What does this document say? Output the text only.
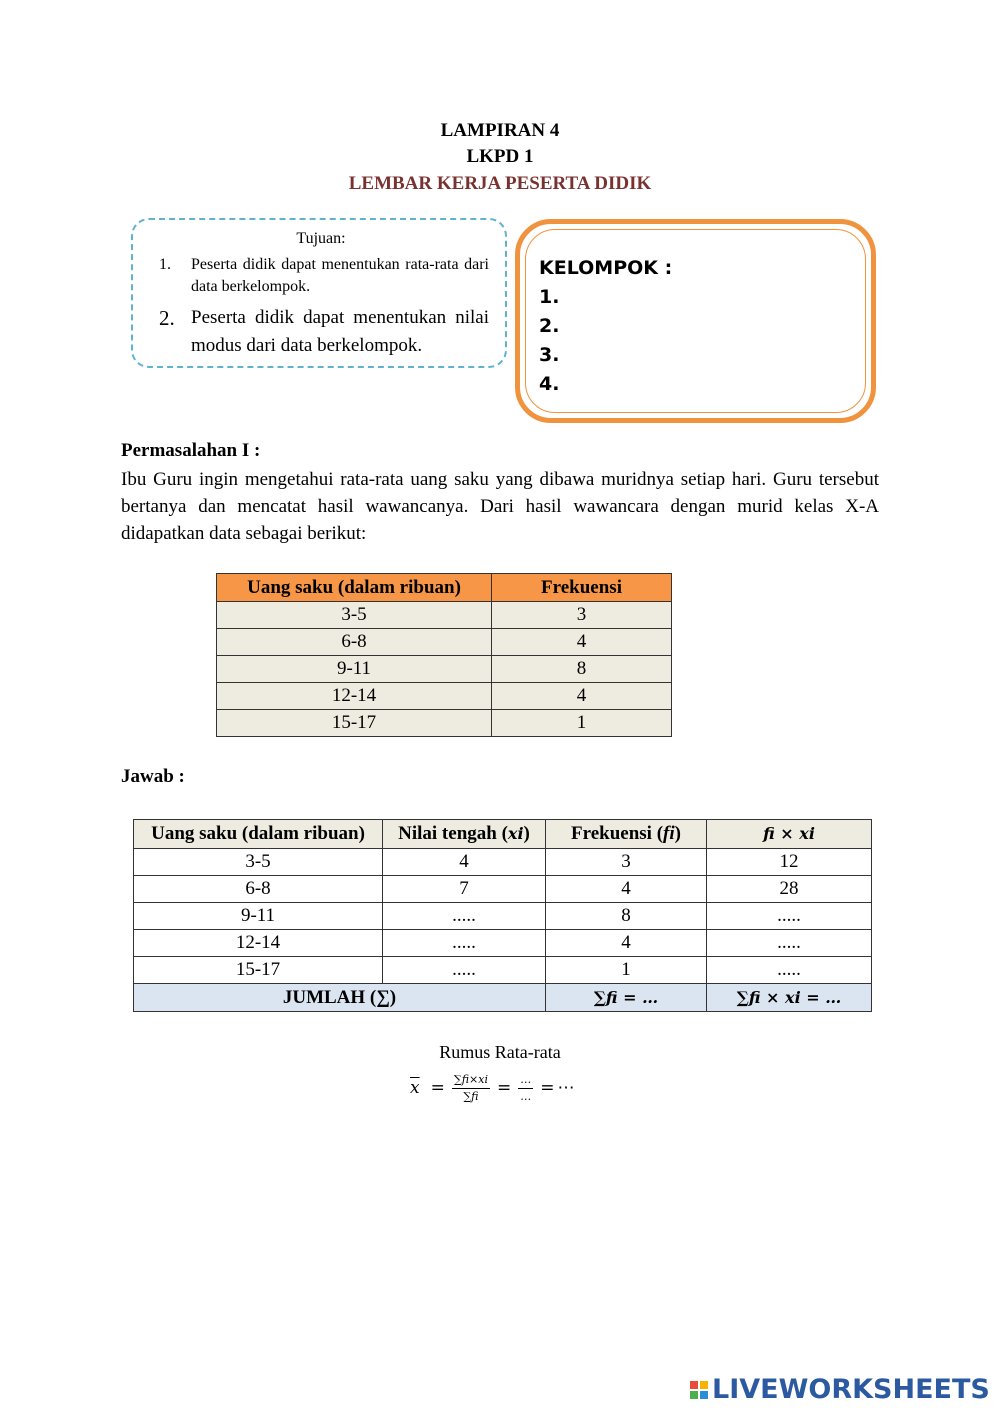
LAMPIRAN 4
LKPD 1
LEMBAR KERJA PESERTA DIDIK
Tujuan:
1.	Peserta didik dapat menentukan rata-rata dari data berkelompok.
2. Peserta didik dapat menentukan nilai modus dari data berkelompok.
KELOMPOK :
1.
2.
3.
4.
Permasalahan I :
Ibu Guru ingin mengetahui rata-rata uang saku yang dibawa muridnya setiap hari. Guru tersebut bertanya dan mencatat hasil wawancanya. Dari hasil wawancara dengan murid kelas X-A didapatkan data sebagai berikut:
Uang saku (dalam ribuan)	Frekuensi
3-5	3
6-8	4
9-11	8
12-14	4
15-17	1
Jawab :
Uang saku (dalam ribuan)	Nilai tengah (xi)	Frekuensi (fi)	fi × xi
3-5	4	3	12
6-8	7	4	28
9-11	.....	8	.....
12-14	.....	4	.....
15-17	.....	1	.....
JUMLAH (∑)		∑fi = …	∑fi × xi = …
Rumus Rata-rata
$\overline{x} = \frac{\sum fi\times xi}{\sum fi} = \frac{\dots}{\dots}$ = ⋯
LIVEWORKSHEETS
